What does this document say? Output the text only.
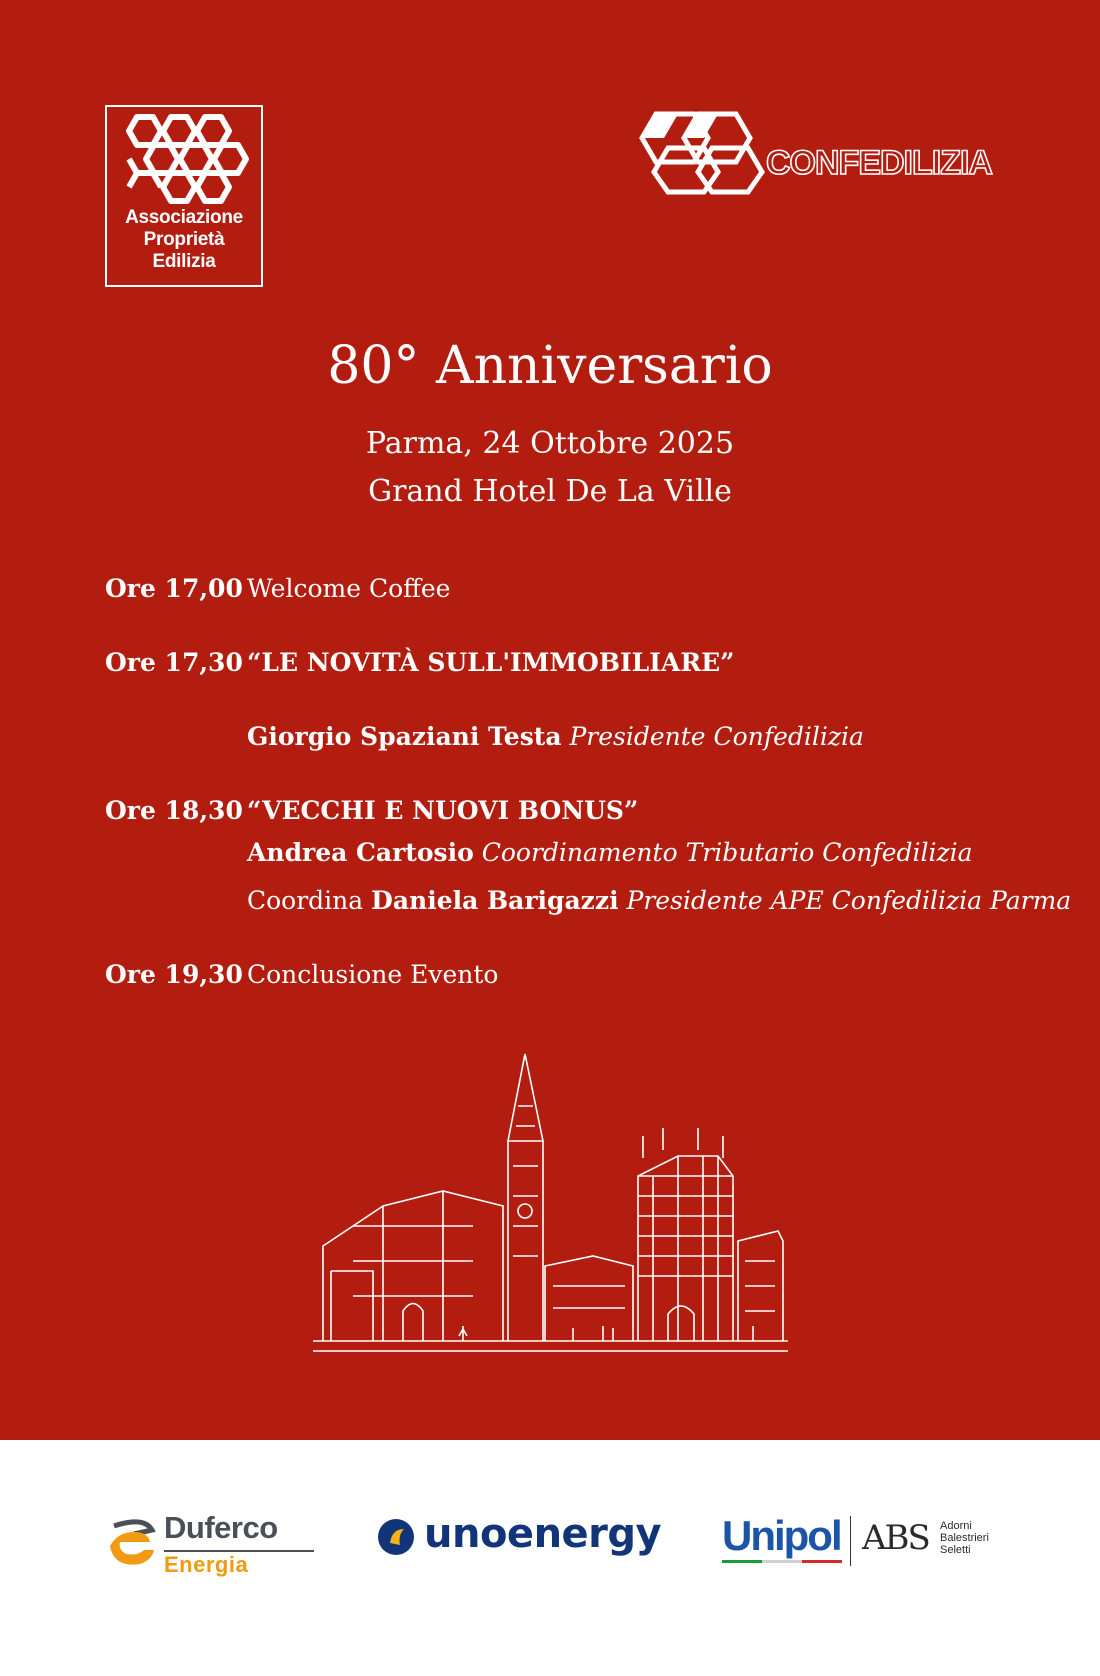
Associazione
Proprietà
Edilizia
CONFEDILIZIA
80° Anniversario
Parma, 24 Ottobre 2025
Grand Hotel De La Ville
Ore 17,00 Welcome Coffee
Ore 17,30 “LE NOVITÀ SULL'IMMOBILIARE”
Giorgio Spaziani Testa Presidente Confedilizia
Ore 18,30 “VECCHI E NUOVI BONUS”
Andrea Cartosio Coordinamento Tributario Confedilizia
Coordina Daniela Barigazzi Presidente APE Confedilizia Parma
Ore 19,30 Conclusione Evento
Duferco
Energia
unoenergy Unipol ABS Adorni
Balestrieri
Seletti
